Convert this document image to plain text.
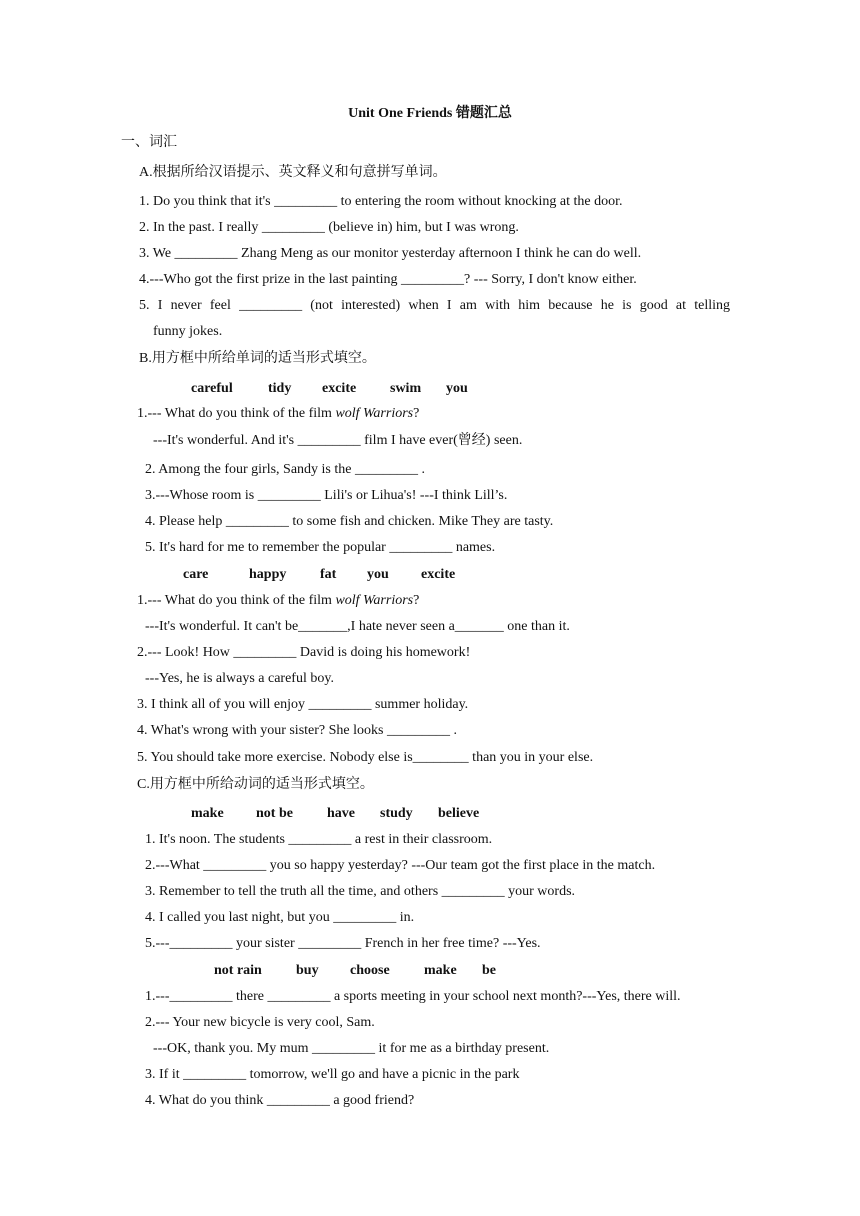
Unit One Friends 错题汇总
一、词汇
A.根据所给汉语提示、英文释义和句意拼写单词。
1. Do you think that it's _________ to entering the room without knocking at the door.
2. In the past. I really _________ (believe in) him, but I was wrong.
3. We _________ Zhang Meng as our monitor yesterday afternoon I think he can do well.
4.---Who got the first prize in the last painting _________? --- Sorry, I don't know either.
5. I never feel _________ (not interested) when I am with him because he is good at telling
funny jokes.
B.用方框中所给单词的适当形式填空。
careful	tidy excite swim you
1.--- What do you think of the film wolf Warriors?
---It's wonderful. And it's _________ film I have ever(曾经) seen.
2. Among the four girls, Sandy is the _________ .
3.---Whose room is _________ Lili's or Lihua's! ---I think Lill’s.
4. Please help _________ to some fish and chicken. Mike They are tasty.
5. It's hard for me to remember the popular _________ names.
care	happy fat you excite
1.--- What do you think of the film wolf Warriors?
---It's wonderful. It can't be_______,I hate never seen a_______ one than it.
2.--- Look! How _________ David is doing his homework!
---Yes, he is always a careful boy.
3. I think all of you will enjoy _________ summer holiday.
4. What's wrong with your sister? She looks _________ .
5. You should take more exercise. Nobody else is________ than you in your else.
C.用方框中所给动词的适当形式填空。
make not be have study believe
1. It's noon. The students _________ a rest in their classroom.
2.---What _________ you so happy yesterday? ---Our team got the first place in the match.
3. Remember to tell the truth all the time, and others _________ your words.
4. I called you last night, but you _________ in.
5.---_________ your sister _________ French in her free time? ---Yes.
not rain buy choose make be
1.---_________ there _________ a sports meeting in your school next month?---Yes, there will.
2.--- Your new bicycle is very cool, Sam.
---OK, thank you. My mum _________ it for me as a birthday present.
3. If it _________ tomorrow, we'll go and have a picnic in the park
4. What do you think _________ a good friend?
